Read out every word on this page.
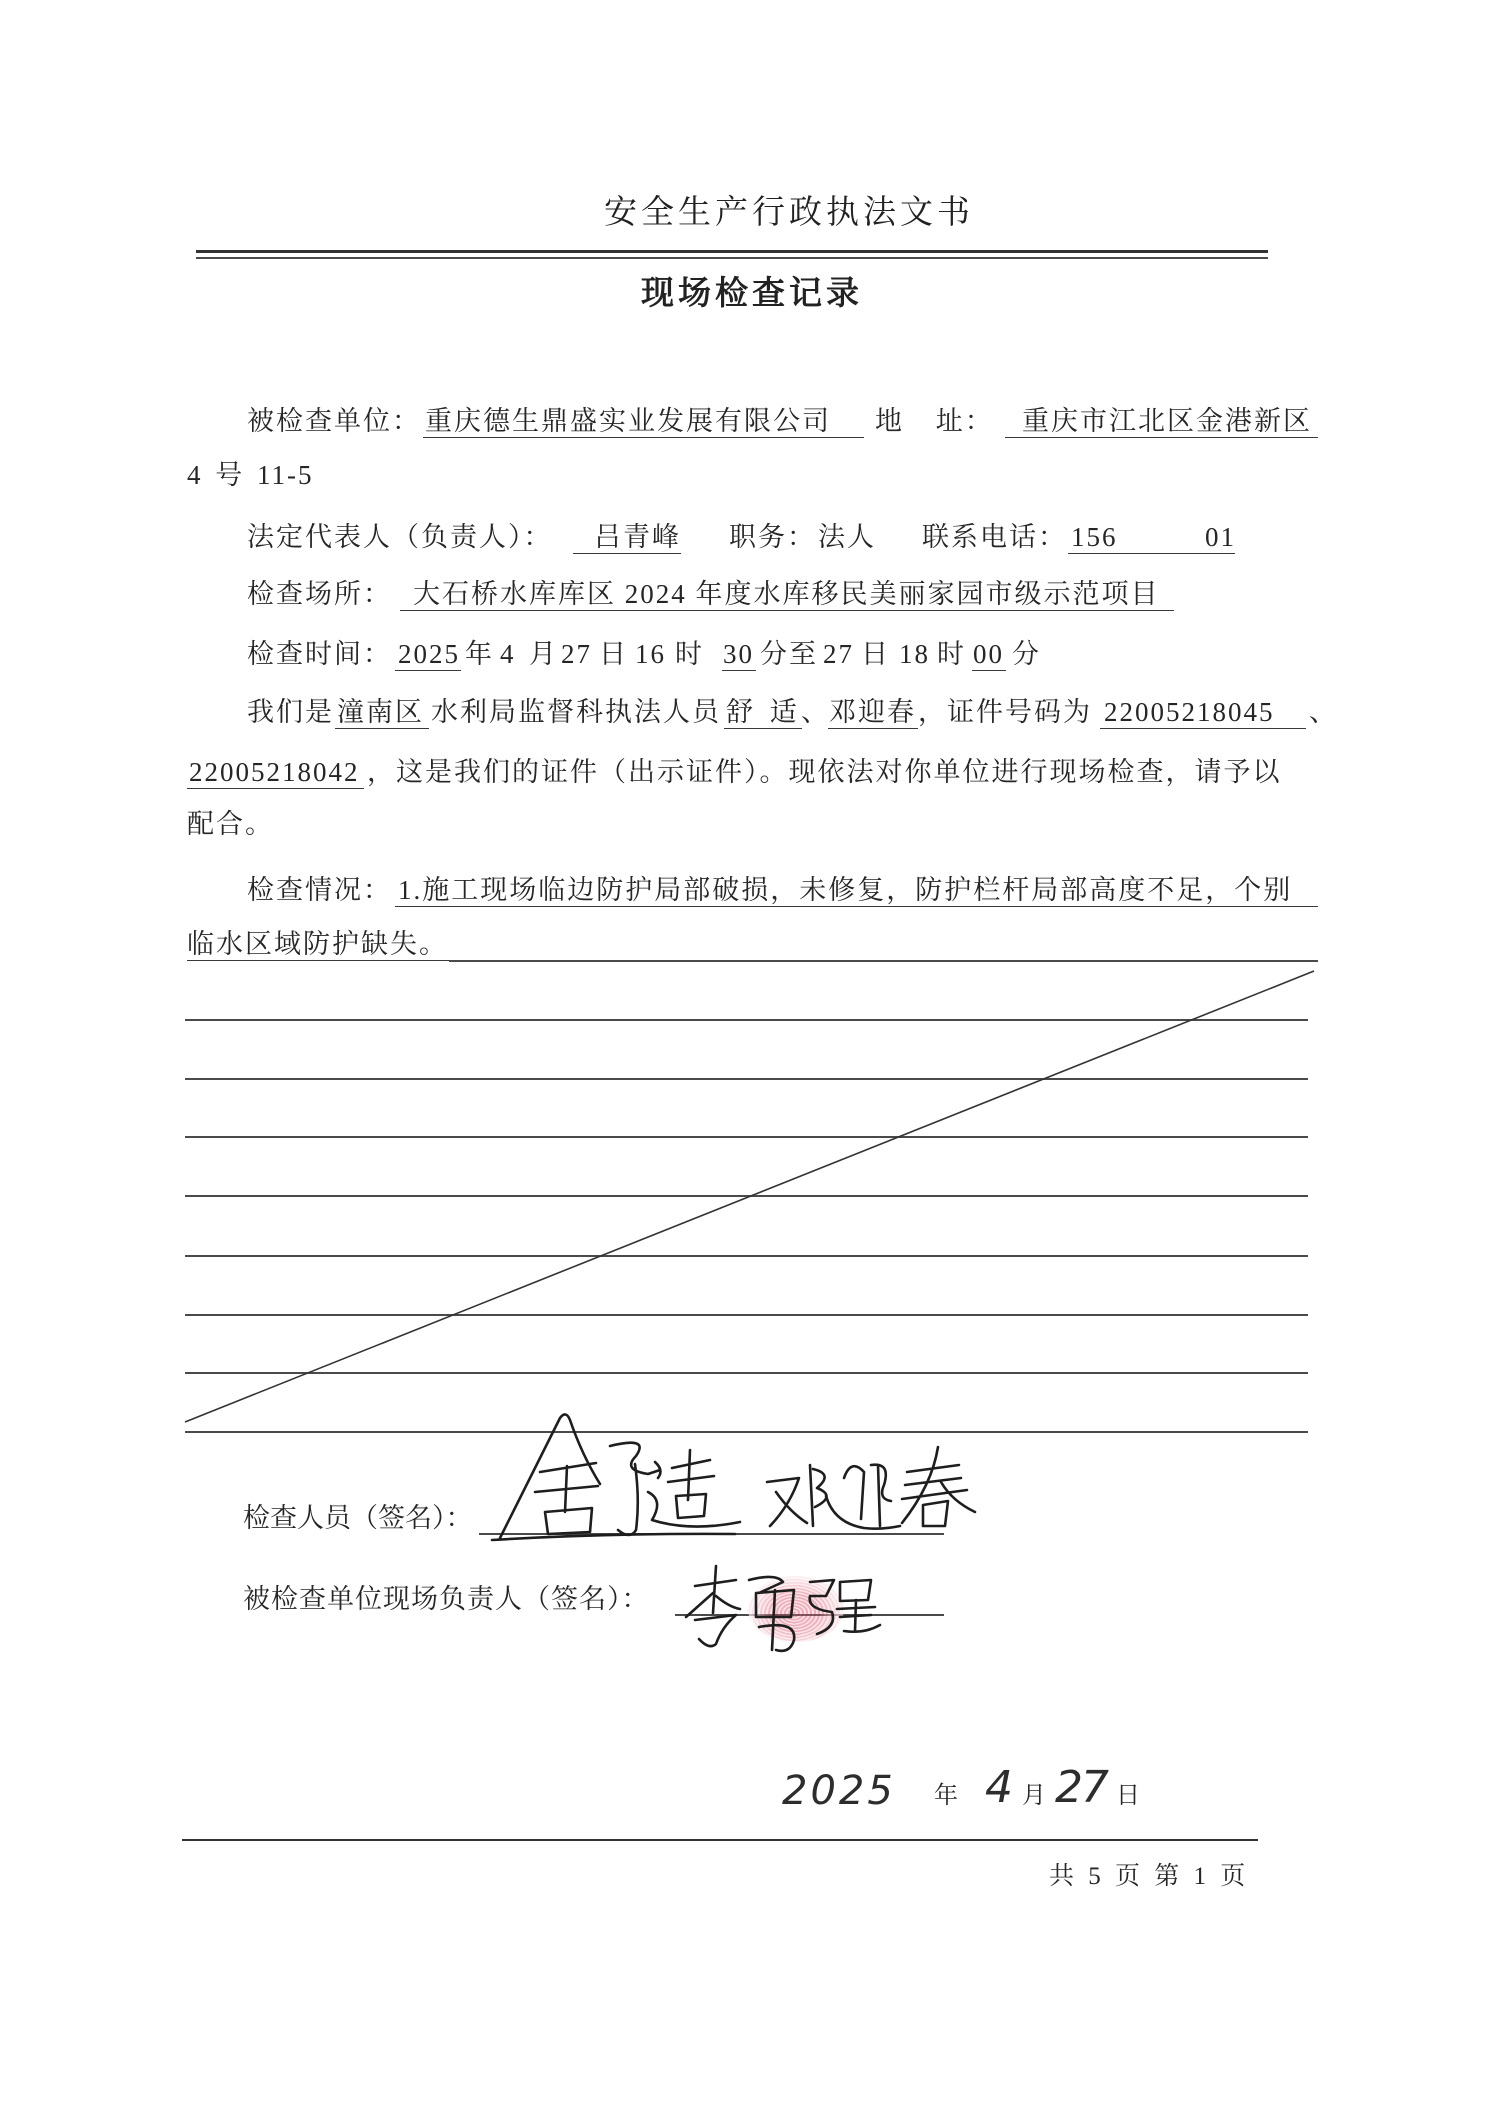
安全生产行政执法文书
现场检查记录
被检查单位： 重庆德生鼎盛实业发展有限公司	地 址：	重庆市江北区金港新区
4 号 11-5
法定代表人（负责人）：	吕青峰 职务： 法人 联系电话：

156

	01

检查场所： 大石桥水库库区 2024 年度水库移民美丽家园市级示范项目
检查时间： 2025 年 4 月 27 日 16 时 30 分至 27 日 18 时 00 分
我们是 潼南区 水利局监督科执法人员 舒 适 、 邓迎春 ，证件号码为 22005218045	、
22005218042 ，这是我们的证件（出示证件）。现依法对你单位进行现场检查，请予以
配合。
检查情况： 1.施工现场临边防护局部破损，未修复，防护栏杆局部高度不足，个别
临水区域防护缺失。
检查人员（签名）：
被检查单位现场负责人（签名）：
2025 年 4 月 27 日
共 5 页 第 1 页
